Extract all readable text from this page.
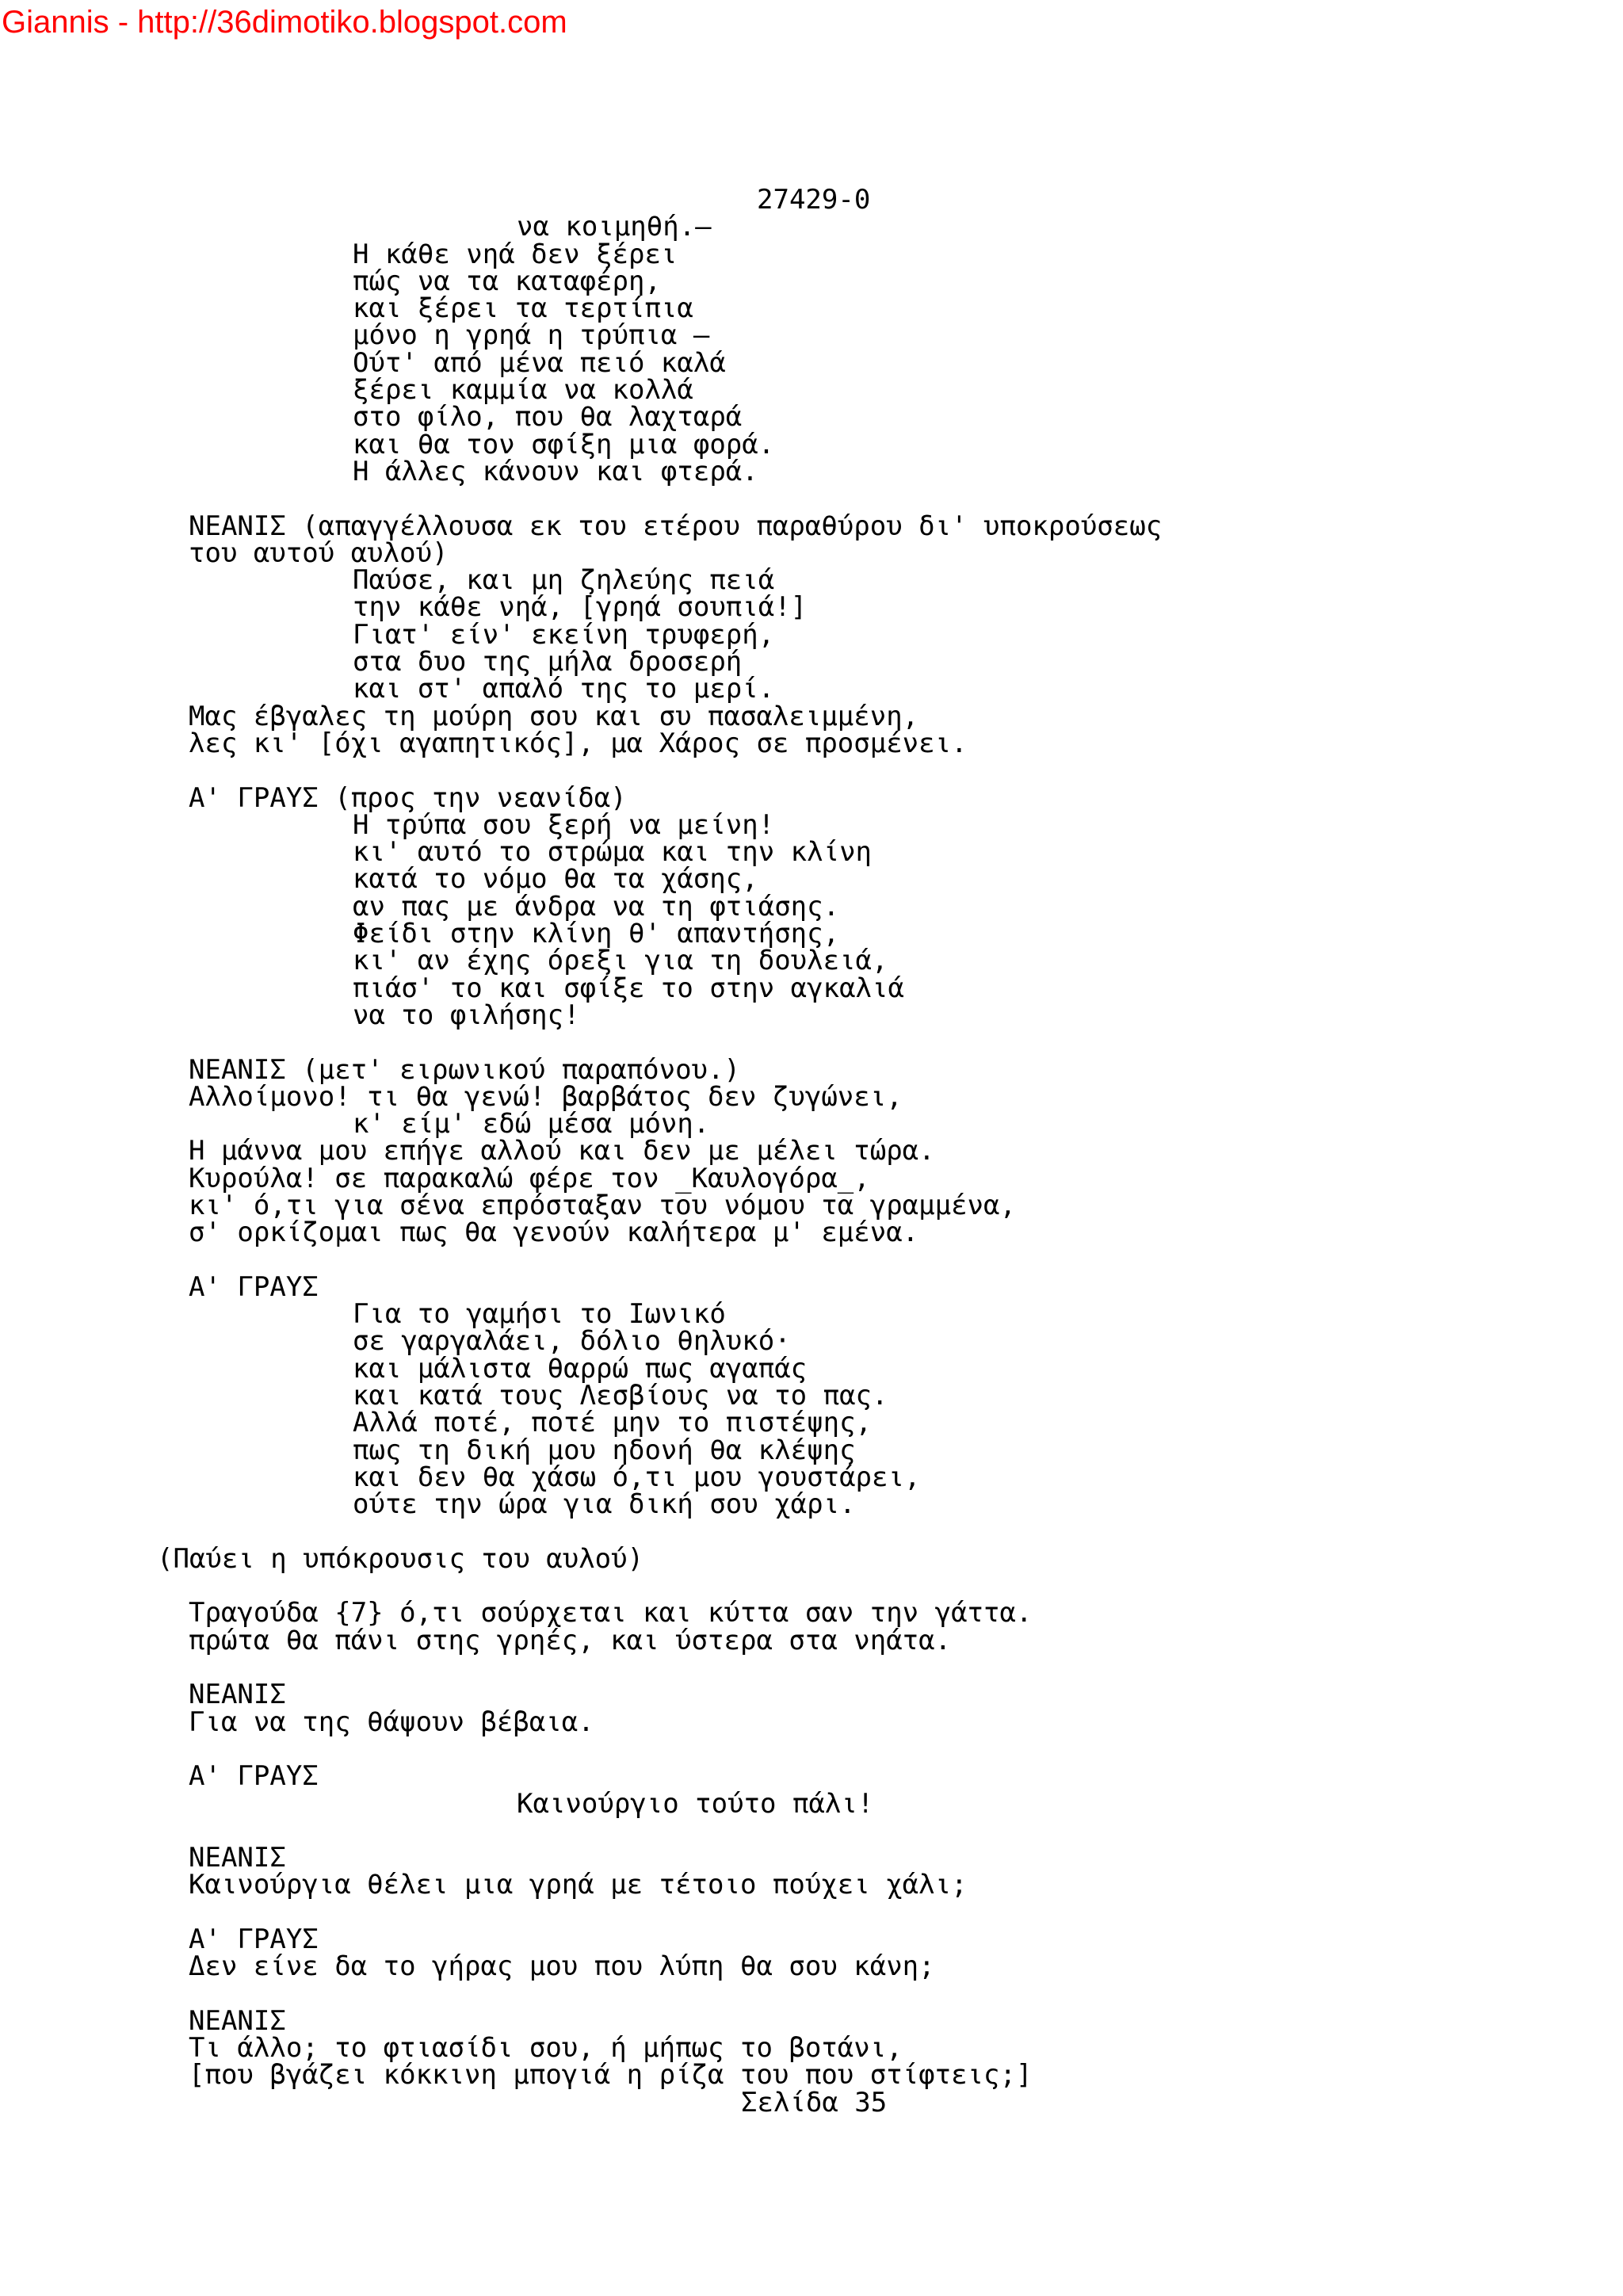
Giannis - http://36dimotiko.blogspot.com
27429-0
να κοιμηθή.–
Η κάθε νηά δεν ξέρει
πώς να τα καταφέρη,
και ξέρει τα τερτίπια
μόνο η γρηά η τρύπια –
Ούτ' από μένα πειό καλά
ξέρει καμμία να κολλά
στο φίλο, που θα λαχταρά
και θα τον σφίξη μια φορά.
Η άλλες κάνουν και φτερά.
ΝΕΑΝΙΣ (απαγγέλλουσα εκ του ετέρου παραθύρου δι' υποκρούσεως
του αυτού αυλού)
Παύσε, και μη ζηλεύης πειά
την κάθε νηά, [γρηά σουπιά!]
Γιατ' είν' εκείνη τρυφερή,
στα δυο της μήλα δροσερή
και στ' απαλό της το μερί.
Μας έβγαλες τη μούρη σου και συ πασαλειμμένη,
λες κι' [όχι αγαπητικός], μα Χάρος σε προσμένει.
Α' ΓΡΑΥΣ (προς την νεανίδα)
Η τρύπα σου ξερή να μείνη!
κι' αυτό το στρώμα και την κλίνη
κατά το νόμο θα τα χάσης,
αν πας με άνδρα να τη φτιάσης.
Φείδι στην κλίνη θ' απαντήσης,
κι' αν έχης όρεξι για τη δουλειά,
πιάσ' το και σφίξε το στην αγκαλιά
να το φιλήσης!
ΝΕΑΝΙΣ (μετ' ειρωνικού παραπόνου.)
Αλλοίμονο! τι θα γενώ! βαρβάτος δεν ζυγώνει,
κ' είμ' εδώ μέσα μόνη.
Η μάννα μου επήγε αλλού και δεν με μέλει τώρα.
Κυρούλα! σε παρακαλώ φέρε τον _Καυλογόρα_,
κι' ό,τι για σένα επρόσταξαν του νόμου τα γραμμένα,
σ' ορκίζομαι πως θα γενούν καλήτερα μ' εμένα.
Α' ΓΡΑΥΣ
Για το γαμήσι το Ιωνικό
σε γαργαλάει, δόλιο θηλυκό·
και μάλιστα θαρρώ πως αγαπάς
και κατά τους Λεσβίους να το πας.
Αλλά ποτέ, ποτέ μην το πιστέψης,
πως τη δική μου ηδονή θα κλέψης
και δεν θα χάσω ό,τι μου γουστάρει,
ούτε την ώρα για δική σου χάρι.
(Παύει η υπόκρουσις του αυλού)
Τραγούδα {7} ό,τι σούρχεται και κύττα σαν την γάττα.
πρώτα θα πάνι στης γρηές, και ύστερα στα νηάτα.
ΝΕΑΝΙΣ
Για να της θάψουν βέβαια.
Α' ΓΡΑΥΣ
Καινούργιο τούτο πάλι!
ΝΕΑΝΙΣ
Καινούργια θέλει μια γρηά με τέτοιο πούχει χάλι;
Α' ΓΡΑΥΣ
Δεν είνε δα το γήρας μου που λύπη θα σου κάνη;
ΝΕΑΝΙΣ
Τι άλλο; το φτιασίδι σου, ή μήπως το βοτάνι,
[που βγάζει κόκκινη μπογιά η ρίζα του που στίφτεις;]
Σελίδα 35
